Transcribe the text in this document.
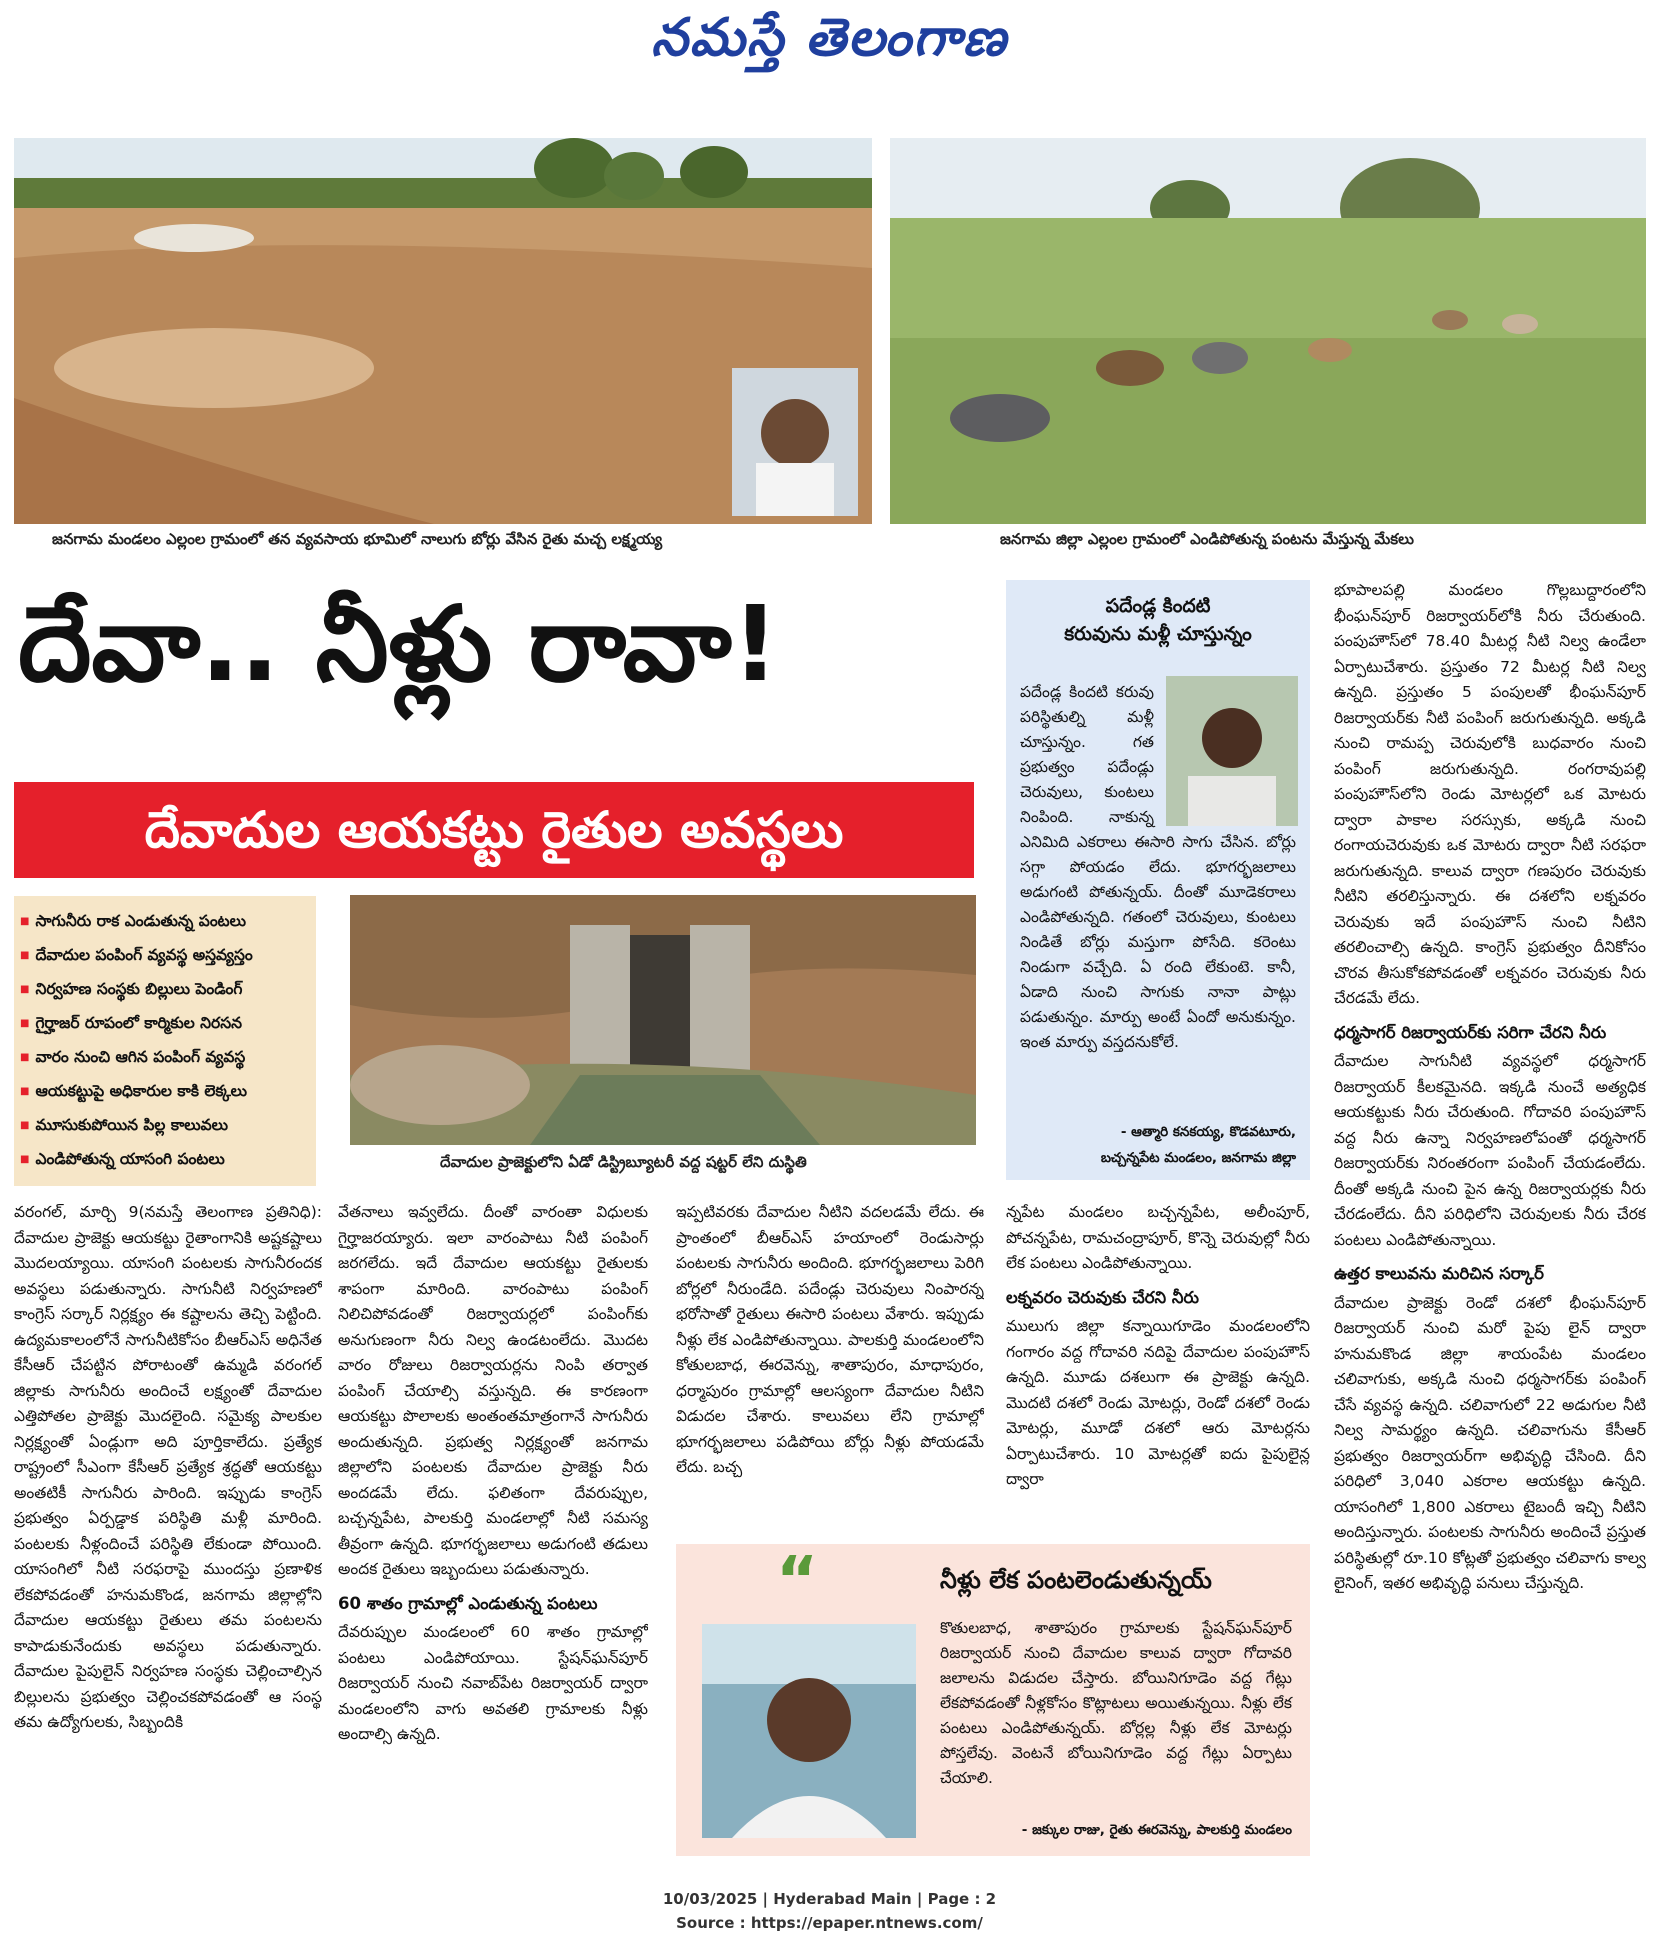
నమస్తే తెలంగాణ
జనగామ మండలం ఎల్లంల గ్రామంలో తన వ్యవసాయ భూమిలో నాలుగు బోర్లు వేసిన రైతు మచ్చ లక్ష్మయ్య	జనగామ జిల్లా ఎల్లంల గ్రామంలో ఎండిపోతున్న పంటను మేస్తున్న మేకలు
దేవా.. నీళ్లు రావా!
దేవాదుల ఆయకట్టు రైతుల అవస్థలు
■ సాగునీరు రాక ఎండుతున్న పంటలు
■ దేవాదుల పంపింగ్ వ్యవస్థ అస్తవ్యస్తం
■ నిర్వహణ సంస్థకు బిల్లులు పెండింగ్
■ గైర్హాజర్ రూపంలో కార్మికుల నిరసన
■ వారం నుంచి ఆగిన పంపింగ్ వ్యవస్థ
■ ఆయకట్టుపై అధికారుల కాకి లెక్కలు
■ మూసుకుపోయిన పిల్ల కాలువలు
■ ఎండిపోతున్న యాసంగి పంటలు	దేవాదుల ప్రాజెక్టులోని ఏడో డిస్ట్రిబ్యూటరీ వద్ద షట్టర్ లేని దుస్థితి
పదేండ్ల కిందటి
కరువును మళ్లీ చూస్తున్నం
పదేండ్ల కిందటి కరువు పరిస్థితుల్ని మళ్లీ చూస్తున్నం. గత ప్రభుత్వం పదేండ్లు చెరువులు, కుంటలు నింపింది. నాకున్న ఎనిమిది ఎకరాలు ఈసారి సాగు చేసిన. బోర్లు సగ్గా పోయడం లేదు. భూగర్భజలాలు అడుగంటి పోతున్నయ్. దీంతో మూడెకరాలు ఎండిపోతున్నది. గతంలో చెరువులు, కుంటలు నిండితే బోర్లు మస్తుగా పోసేది. కరెంటు నిండుగా వచ్చేది. ఏ రంది లేకుంటె. కానీ, ఏడాది నుంచి సాగుకు నానా పాట్లు పడుతున్నం. మార్పు అంటే ఏందో అనుకున్నం. ఇంత మార్పు వస్తదనుకోలే.
- ఆత్మారి కనకయ్య, కొడవటూరు,
బచ్చన్నపేట మండలం, జనగామ జిల్లా

వరంగల్, మార్చి 9(నమస్తే తెలంగాణ ప్రతినిధి): దేవాదుల ప్రాజెక్టు ఆయకట్టు రైతాంగానికి అష్టకష్టాలు మొదలయ్యాయి. యాసంగి పంటలకు సాగునీరందక అవస్థలు పడుతున్నారు. సాగునీటి నిర్వహణలో కాంగ్రెస్ సర్కార్ నిర్లక్ష్యం ఈ కష్టాలను తెచ్చి పెట్టింది. ఉద్యమకాలంలోనే సాగునీటికోసం బీఆర్ఎస్ అధినేత కేసీఆర్ చేపట్టిన పోరాటంతో ఉమ్మడి వరంగల్ జిల్లాకు సాగునీరు అందించే లక్ష్యంతో దేవాదుల ఎత్తిపోతల ప్రాజెక్టు మొదలైంది. సమైక్య పాలకుల నిర్లక్ష్యంతో ఏండ్లుగా అది పూర్తికాలేదు. ప్రత్యేక రాష్ట్రంలో సీఎంగా కేసీఆర్ ప్రత్యేక శ్రద్ధతో ఆయకట్టు అంతటికీ సాగునీరు పారింది. ఇప్పుడు కాంగ్రెస్ ప్రభుత్వం ఏర్పడ్డాక పరిస్థితి మళ్లీ మారింది. పంటలకు నీళ్లందించే పరిస్థితి లేకుండా పోయింది. యాసంగిలో నీటి సరఫరాపై ముందస్తు ప్రణాళిక లేకపోవడంతో హనుమకొండ, జనగామ జిల్లాల్లోని దేవాదుల ఆయకట్టు రైతులు తమ పంటలను కాపాడుకునేందుకు అవస్థలు పడుతున్నారు. దేవాదుల పైపులైన్ నిర్వహణ సంస్థకు చెల్లించాల్సిన బిల్లులను ప్రభుత్వం చెల్లించకపోవడంతో ఆ సంస్థ తమ ఉద్యోగులకు, సిబ్బందికి

వేతనాలు ఇవ్వలేదు. దీంతో వారంతా విధులకు గైర్హాజరయ్యారు. ఇలా వారంపాటు నీటి పంపింగ్ జరగలేదు. ఇదే దేవాదుల ఆయకట్టు రైతులకు శాపంగా మారింది. వారంపాటు పంపింగ్ నిలిచిపోవడంతో రిజర్వాయర్లలో పంపింగ్‌కు అనుగుణంగా నీరు నిల్వ ఉండటంలేదు. మొదట వారం రోజులు రిజర్వాయర్లను నింపి తర్వాత పంపింగ్ చేయాల్సి వస్తున్నది. ఈ కారణంగా ఆయకట్టు పొలాలకు అంతంతమాత్రంగానే సాగునీరు అందుతున్నది. ప్రభుత్వ నిర్లక్ష్యంతో జనగామ జిల్లాలోని పంటలకు దేవాదుల ప్రాజెక్టు నీరు అందడమే లేదు. ఫలితంగా దేవరుప్పుల, బచ్చన్నపేట, పాలకుర్తి మండలాల్లో నీటి సమస్య తీవ్రంగా ఉన్నది. భూగర్భజలాలు అడుగంటి తడులు అందక రైతులు ఇబ్బందులు పడుతున్నారు.

60 శాతం గ్రామాల్లో ఎండుతున్న పంటలు

దేవరుప్పుల మండలంలో 60 శాతం గ్రామాల్లో పంటలు ఎండిపోయాయి. స్టేషన్‌ఘన్‌పూర్ రిజర్వాయర్ నుంచి నవాబ్‌పేట రిజర్వాయర్ ద్వారా మండలంలోని వాగు అవతలి గ్రామాలకు నీళ్లు అందాల్సి ఉన్నది.

ఇప్పటివరకు దేవాదుల నీటిని వదలడమే లేదు. ఈ ప్రాంతంలో బీఆర్ఎస్ హయాంలో రెండుసార్లు పంటలకు సాగునీరు అందింది. భూగర్భజలాలు పెరిగి బోర్లలో నీరుండేది. పదేండ్లు చెరువులు నింపారన్న భరోసాతో రైతులు ఈసారి పంటలు వేశారు. ఇప్పుడు నీళ్లు లేక ఎండిపోతున్నాయి. పాలకుర్తి మండలంలోని కోతులబాధ, ఈరవెన్ను, శాతాపురం, మాధాపురం, ధర్మాపురం గ్రామాల్లో ఆలస్యంగా దేవాదుల నీటిని విడుదల చేశారు. కాలువలు లేని గ్రామాల్లో భూగర్భజలాలు పడిపోయి బోర్లు నీళ్లు పోయడమే లేదు. బచ్చ

న్నపేట మండలం బచ్చన్నపేట, అలీంపూర్, పోచన్నపేట, రామచంద్రాపూర్, కొన్నె చెరువుల్లో నీరు లేక పంటలు ఎండిపోతున్నాయి.

లక్నవరం చెరువుకు చేరని నీరు

ములుగు జిల్లా కన్నాయిగూడెం మండలంలోని గంగారం వద్ద గోదావరి నదిపై దేవాదుల పంపుహౌస్ ఉన్నది. మూడు దశలుగా ఈ ప్రాజెక్టు ఉన్నది. మొదటి దశలో రెండు మోటర్లు, రెండో దశలో రెండు మోటర్లు, మూడో దశలో ఆరు మోటర్లను ఏర్పాటుచేశారు. 10 మోటర్లతో ఐదు పైపులైన్ల ద్వారా

భూపాలపల్లి మండలం గొల్లబుద్దారంలోని భీంఘన్‌పూర్ రిజర్వాయర్‌లోకి నీరు చేరుతుంది. పంపుహౌస్‌లో 78.40 మీటర్ల నీటి నిల్వ ఉండేలా ఏర్పాటుచేశారు. ప్రస్తుతం 72 మీటర్ల నీటి నిల్వ ఉన్నది. ప్రస్తుతం 5 పంపులతో భీంఘన్‌పూర్ రిజర్వాయర్‌కు నీటి పంపింగ్ జరుగుతున్నది. అక్కడి నుంచి రామప్ప చెరువులోకి బుధవారం నుంచి పంపింగ్ జరుగుతున్నది. రంగరావుపల్లి పంపుహౌస్‌లోని రెండు మోటర్లలో ఒక మోటరు ద్వారా పాకాల సరస్సుకు, అక్కడి నుంచి రంగాయచెరువుకు ఒక మోటరు ద్వారా నీటి సరఫరా జరుగుతున్నది. కాలువ ద్వారా గణపురం చెరువుకు నీటిని తరలిస్తున్నారు. ఈ దశలోని లక్నవరం చెరువుకు ఇదే పంపుహౌస్ నుంచి నీటిని తరలించాల్సి ఉన్నది. కాంగ్రెస్ ప్రభుత్వం దీనికోసం చొరవ తీసుకోకపోవడంతో లక్నవరం చెరువుకు నీరు చేరడమే లేదు.

ధర్మసాగర్ రిజర్వాయర్‌కు సరిగా చేరని నీరు

దేవాదుల సాగునీటి వ్యవస్థలో ధర్మసాగర్ రిజర్వాయర్ కీలకమైనది. ఇక్కడి నుంచే అత్యధిక ఆయకట్టుకు నీరు చేరుతుంది. గోదావరి పంపుహౌస్ వద్ద నీరు ఉన్నా నిర్వహణలోపంతో ధర్మసాగర్ రిజర్వాయర్‌కు నిరంతరంగా పంపింగ్ చేయడంలేదు. దీంతో అక్కడి నుంచి పైన ఉన్న రిజర్వాయర్లకు నీరు చేరడంలేదు. దీని పరిధిలోని చెరువులకు నీరు చేరక పంటలు ఎండిపోతున్నాయి.

ఉత్తర కాలువను మరిచిన సర్కార్

దేవాదుల ప్రాజెక్టు రెండో దశలో భీంఘన్‌పూర్ రిజర్వాయర్ నుంచి మరో పైపు లైన్ ద్వారా హనుమకొండ జిల్లా శాయంపేట మండలం చలివాగుకు, అక్కడి నుంచి ధర్మసాగర్‌కు పంపింగ్ చేసే వ్యవస్థ ఉన్నది. చలివాగులో 22 అడుగుల నీటి నిల్వ సామర్థ్యం ఉన్నది. చలివాగును కేసీఆర్ ప్రభుత్వం రిజర్వాయర్‌గా అభివృద్ధి చేసింది. దీని పరిధిలో 3,040 ఎకరాల ఆయకట్టు ఉన్నది. యాసంగిలో 1,800 ఎకరాలు టైబందీ ఇచ్చి నీటిని అందిస్తున్నారు. పంటలకు సాగునీరు అందించే ప్రస్తుత పరిస్థితుల్లో రూ.10 కోట్లతో ప్రభుత్వం చలివాగు కాల్వ లైనింగ్, ఇతర అభివృద్ధి పనులు చేస్తున్నది.

“	నీళ్లు లేక పంటలెండుతున్నయ్
కొతులబాధ, శాతాపురం గ్రామాలకు స్టేషన్‌ఘన్‌పూర్ రిజర్వాయర్ నుంచి దేవాదుల కాలువ ద్వారా గోదావరి జలాలను విడుదల చేస్తారు. బోయినిగూడెం వద్ద గేట్లు లేకపోవడంతో నీళ్లకోసం కొట్లాటలు అయితున్నయి. నీళ్లు లేక పంటలు ఎండిపోతున్నయ్. బోర్లల్ల నీళ్లు లేక మోటర్లు పోస్తలేవు. వెంటనే బోయినిగూడెం వద్ద గేట్లు ఏర్పాటు చేయాలి.
- జక్కుల రాజు, రైతు ఈరవెన్ను, పాలకుర్తి మండలం
10/03/2025 | Hyderabad Main | Page : 2
Source : https://epaper.ntnews.com/
